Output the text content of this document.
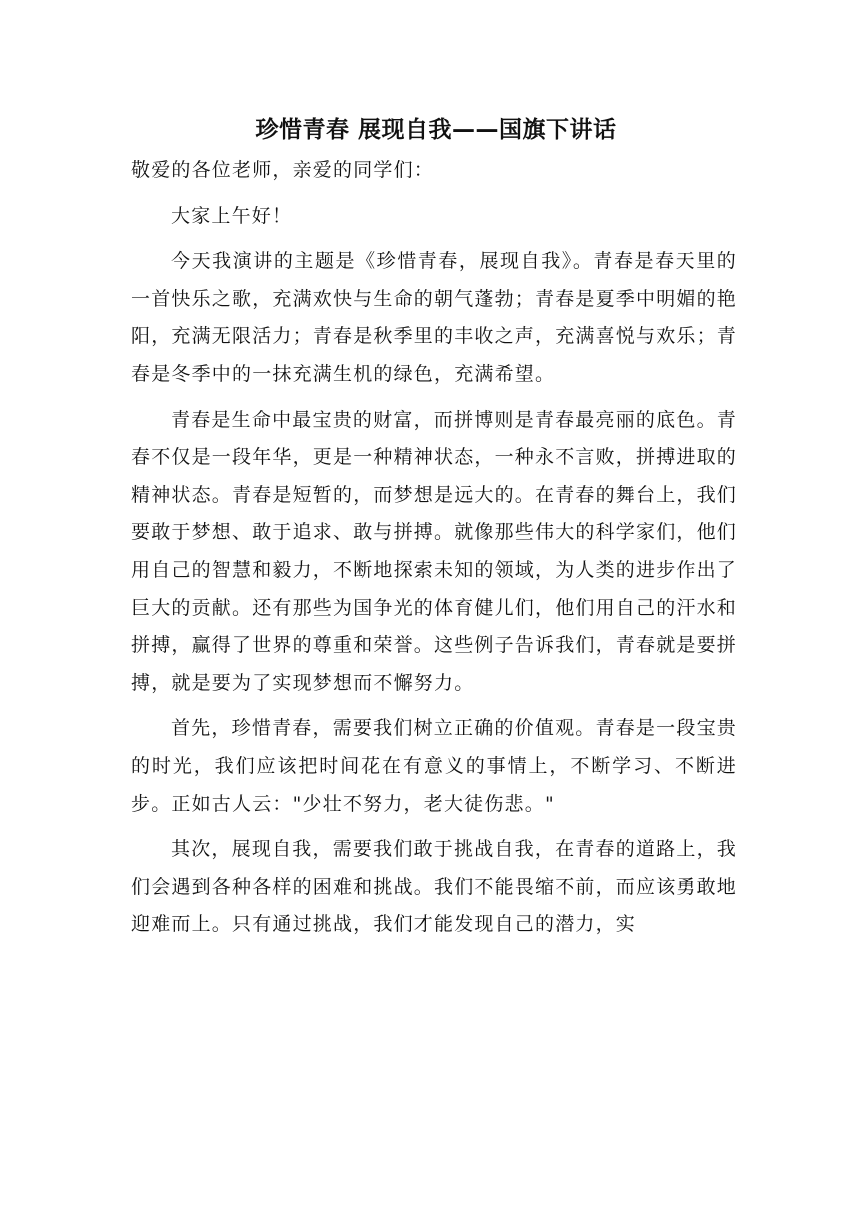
珍惜青春 展现自我——国旗下讲话

敬爱的各位老师，亲爱的同学们：

大家上午好！

今天我演讲的主题是《珍惜青春，展现自我》。青春是春天里的一首快乐之歌，充满欢快与生命的朝气蓬勃；青春是夏季中明媚的艳阳，充满无限活力；青春是秋季里的丰收之声，充满喜悦与欢乐；青春是冬季中的一抹充满生机的绿色，充满希望。

青春是生命中最宝贵的财富，而拼博则是青春最亮丽的底色。青春不仅是一段年华，更是一种精神状态，一种永不言败，拼搏进取的精神状态。青春是短暂的，而梦想是远大的。在青春的舞台上，我们要敢于梦想、敢于追求、敢与拼搏。就像那些伟大的科学家们，他们用自己的智慧和毅力，不断地探索未知的领域，为人类的进步作出了巨大的贡献。还有那些为国争光的体育健儿们，他们用自己的汗水和拼搏，赢得了世界的尊重和荣誉。这些例子告诉我们，青春就是要拼搏，就是要为了实现梦想而不懈努力。

首先，珍惜青春，需要我们树立正确的价值观。青春是一段宝贵的时光，我们应该把时间花在有意义的事情上，不断学习、不断进步。正如古人云："少壮不努力，老大徒伤悲。"

其次，展现自我，需要我们敢于挑战自我，在青春的道路上，我们会遇到各种各样的困难和挑战。我们不能畏缩不前，而应该勇敢地迎难而上。只有通过挑战，我们才能发现自己的潜力，实
